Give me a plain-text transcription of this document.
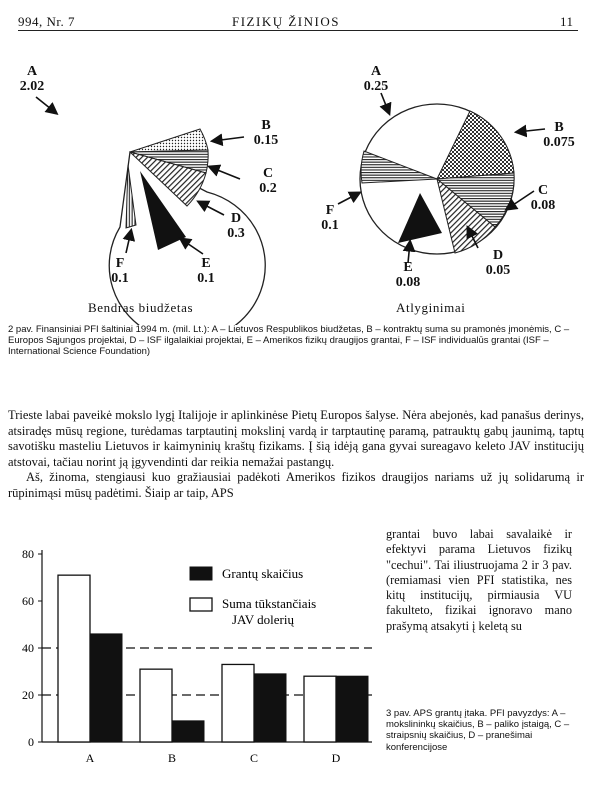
994, Nr. 7	FIZIKŲ ŽINIOS	11
A
2.02
B
0.15
C
0.2
D
0.3
E
0.1
F
0.1
A
0.25
B
0.075
C
0.08
D
0.05
E
0.08
F
0.1
Bendras biudžetas	Atlyginimai
2 pav. Finansiniai PFI šaltiniai 1994 m. (mil. Lt.): A – Lietuvos Respublikos biudžetas, B – kontraktų suma su pramonės įmonėmis, C – Europos Sąjungos projektai, D – ISF ilgalaikiai projektai, E – Amerikos fizikų draugijos grantai, F – ISF individualūs grantai (ISF – International Science Foundation)

Trieste labai paveikė mokslo lygį Italijoje ir aplinkinėse Pietų Europos šalyse. Nėra abejonės, kad panašus derinys, atsiradęs mūsų regione, turėdamas tarptautinį mokslinį vardą ir tarptautinę paramą, patrauktų gabų jaunimą, taptų savotišku masteliu Lietuvos ir kaimyninių kraštų fizikams. Į šią idėją gana gyvai sureagavo keleto JAV institucijų atstovai, tačiau norint ją įgyvendinti dar reikia nemažai pastangų.

Aš, žinoma, stengiausi kuo gražiausiai padėkoti Amerikos fizikos draugijos nariams už jų solidarumą ir rūpinimąsi mūsų padėtimi. Šiaip ar taip, APS

grantai buvo labai savalaikė ir efektyvi parama Lietuvos fizikų "cechui". Tai iliustruojama 2 ir 3 pav. (remiamasi vien PFI statistika, nes kitų institucijų, pirmiausia VU fakulteto, fizikai ignoravo mano prašymą atsakyti į keletą su
0
20
40
60
80
A	B	C	D
Grantų skaičius
Suma tūkstančiais
JAV dolerių
3 pav. APS grantų įtaka. PFI pavyzdys: A – mokslininkų skaičius, B – paliko įstaigą, C – straipsnių skaičius, D – pranešimai konferencijose
